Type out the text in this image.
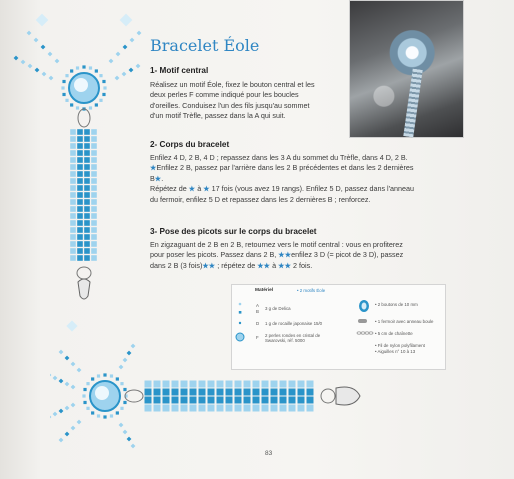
Bracelet Éole
1- Motif central
Réalisez un motif Éole, fixez le bouton central et les
deux perles F comme indiqué pour les boucles
d'oreilles. Conduisez l'un des fils jusqu'au sommet
d'un motif Trèfle, passez dans la A qui suit.
2- Corps du bracelet
Enfilez 4 D, 2 B, 4 D ; repassez dans les 3 A du sommet du Trèfle, dans 4 D, 2 B.
★Enfilez 2 B, passez par l'arrière dans les 2 B précédentes et dans les 2 dernières
B★.
Répétez de ★ à ★ 17 fois (vous avez 19 rangs). Enfilez 5 D, passez dans l'anneau
du fermoir, enfilez 5 D et repassez dans les 2 dernières B ; renforcez.
3- Pose des picots sur le corps du bracelet
En zigzaguant de 2 B en 2 B, retournez vers le motif central : vous en profiterez
pour poser les picots. Passez dans 2 B, ★★enfilez 3 D (= picot de 3 D), passez
dans 2 B (3 fois)★★ ; répétez de ★★ à ★★ 2 fois.
Matériel	• 2 motifs Éole
A
3 g de Delica
B
D 1 g de rocaille japonaise 15/0
F 2 perles rondes en cristal de Swarovski, réf. 5000
• 2 boutons de 10 mm
• 1 fermoir avec anneau boule
• 5 cm de chaînette
• Fil de nylon polyfilament
• Aiguilles n° 10 à 13
83
